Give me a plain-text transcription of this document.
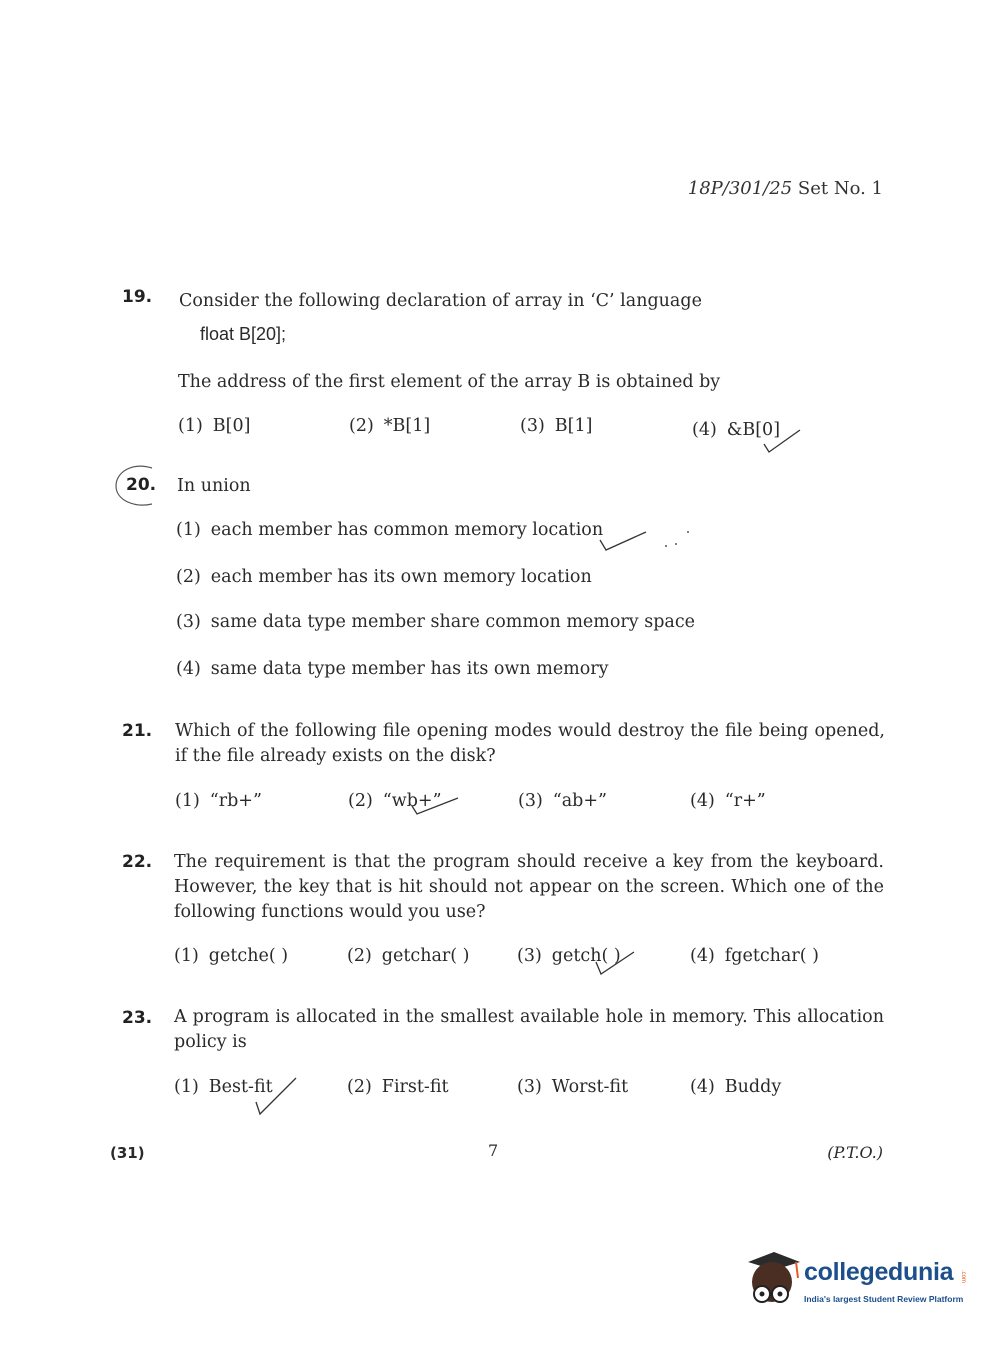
18P/301/25 Set No. 1
19. Consider the following declaration of array in ‘C’ language
float B[20];
The address of the first element of the array B is obtained by
(1) B[0]	(2) *B[1]	(3) B[1]	(4) &B[0]
20. In union
(1) each member has common memory location
(2) each member has its own memory location
(3) same data type member share common memory space
(4) same data type member has its own memory
21. Which of the following file opening modes would destroy the file being opened, if the file already exists on the disk?
(1) “rb+”	(2) “wb+”	(3) “ab+”	(4) “r+”
22. The requirement is that the program should receive a key from the keyboard. However, the key that is hit should not appear on the screen. Which one of the following functions would you use?
(1) getche( )	(2) getchar( )	(3) getch( )	(4) fgetchar( )
23. A program is allocated in the smallest available hole in memory. This allocation policy is
(1) Best-fit	(2) First-fit	(3) Worst-fit	(4) Buddy
(31)	7	(P.T.O.)
collegedunia .com
India's largest Student Review Platform
